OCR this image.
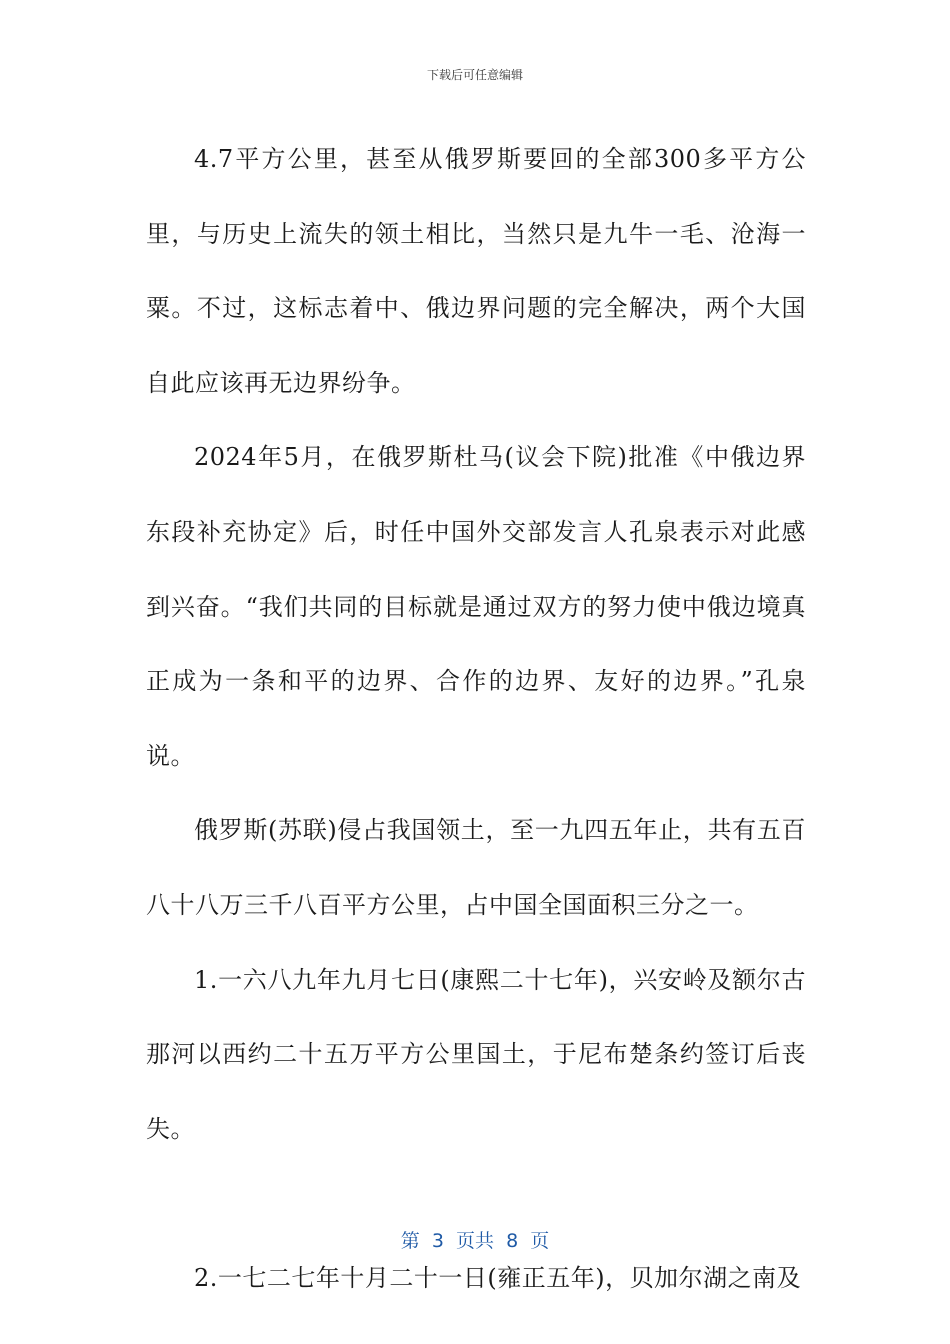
下载后可任意编辑

4.7平方公里，甚至从俄罗斯要回的全部300多平方公里，与历史上流失的领土相比，当然只是九牛一毛、沧海一粟。不过，这标志着中、俄边界问题的完全解决，两个大国自此应该再无边界纷争。

2024年5月，在俄罗斯杜马(议会下院)批准《中俄边界东段补充协定》后，时任中国外交部发言人孔泉表示对此感到兴奋。“我们共同的目标就是通过双方的努力使中俄边境真正成为一条和平的边界、合作的边界、友好的边界。”孔泉说。

俄罗斯(苏联)侵占我国领土，至一九四五年止，共有五百八十八万三千八百平方公里，占中国全国面积三分之一。

1.一六八九年九月七日(康熙二十七年)，兴安岭及额尔古那河以西约二十五万平方公里国土，于尼布楚条约签订后丧失。

2.一七二七年十月二十一日(雍正五年)，贝加尔湖之南及

第  3  页共  8  页
